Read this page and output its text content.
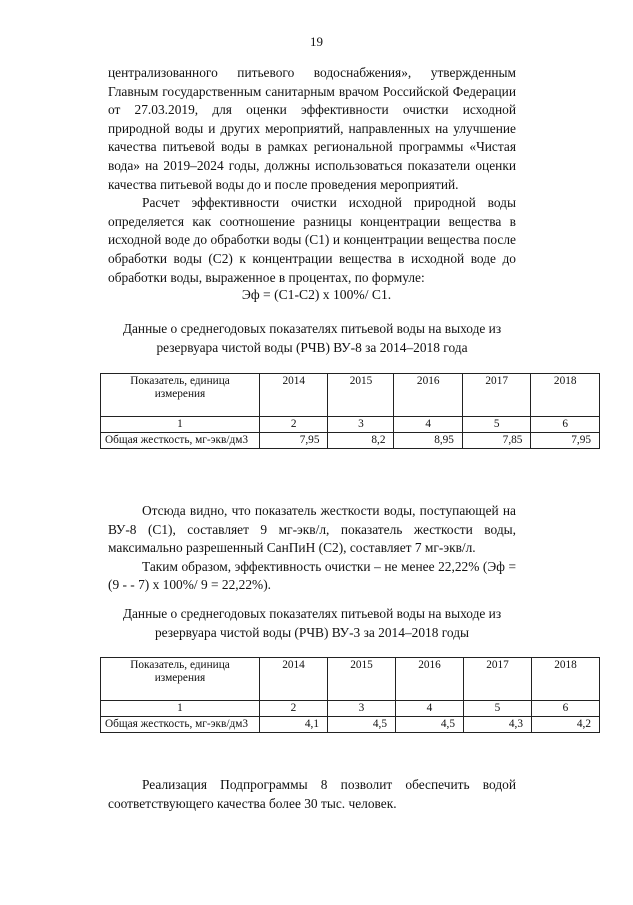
19

централизованного питьевого водоснабжения», утвержденным Главным государственным санитарным врачом Российской Федерации от 27.03.2019, для оценки эффективности очистки исходной природной воды и других мероприятий, направленных на улучшение качества питьевой воды в рамках региональной программы «Чистая вода» на 2019–2024 годы, должны использоваться показатели оценки качества питьевой воды до и после проведения мероприятий.

Расчет эффективности очистки исходной природной воды определяется как соотношение разницы концентрации вещества в исходной воде до обработки воды (C1) и концентрации вещества после обработки воды (C2) к концентрации вещества в исходной воде до обработки воды, выраженное в процентах, по формуле:

Эф = (C1-C2) x 100%/ C1.
Данные о среднегодовых показателях питьевой воды на выходе из резервуара чистой воды (РЧВ) ВУ-8 за 2014–2018 года
Показатель, единица измерения	2014	2015	2016	2017	2018
1	2	3	4	5	6
Общая жесткость, мг-экв/дм3	7,95	8,2	8,95	7,85	7,95

Отсюда видно, что показатель жесткости воды, поступающей на ВУ-8 (C1), составляет 9 мг-экв/л, показатель жесткости воды, максимально разрешенный СанПиН (C2), составляет 7 мг-экв/л.

Таким образом, эффективность очистки – не менее 22,22% (Эф = (9 - - 7) x 100%/ 9 = 22,22%).

Данные о среднегодовых показателях питьевой воды на выходе из резервуара чистой воды (РЧВ) ВУ-3 за 2014–2018 годы
Показатель, единица измерения	2014	2015	2016	2017	2018
1	2	3	4	5	6
Общая жесткость, мг-экв/дм3	4,1	4,5	4,5	4,3	4,2
Реализация Подпрограммы 8 позволит обеспечить водой соответствующего качества более 30 тыс. человек.
